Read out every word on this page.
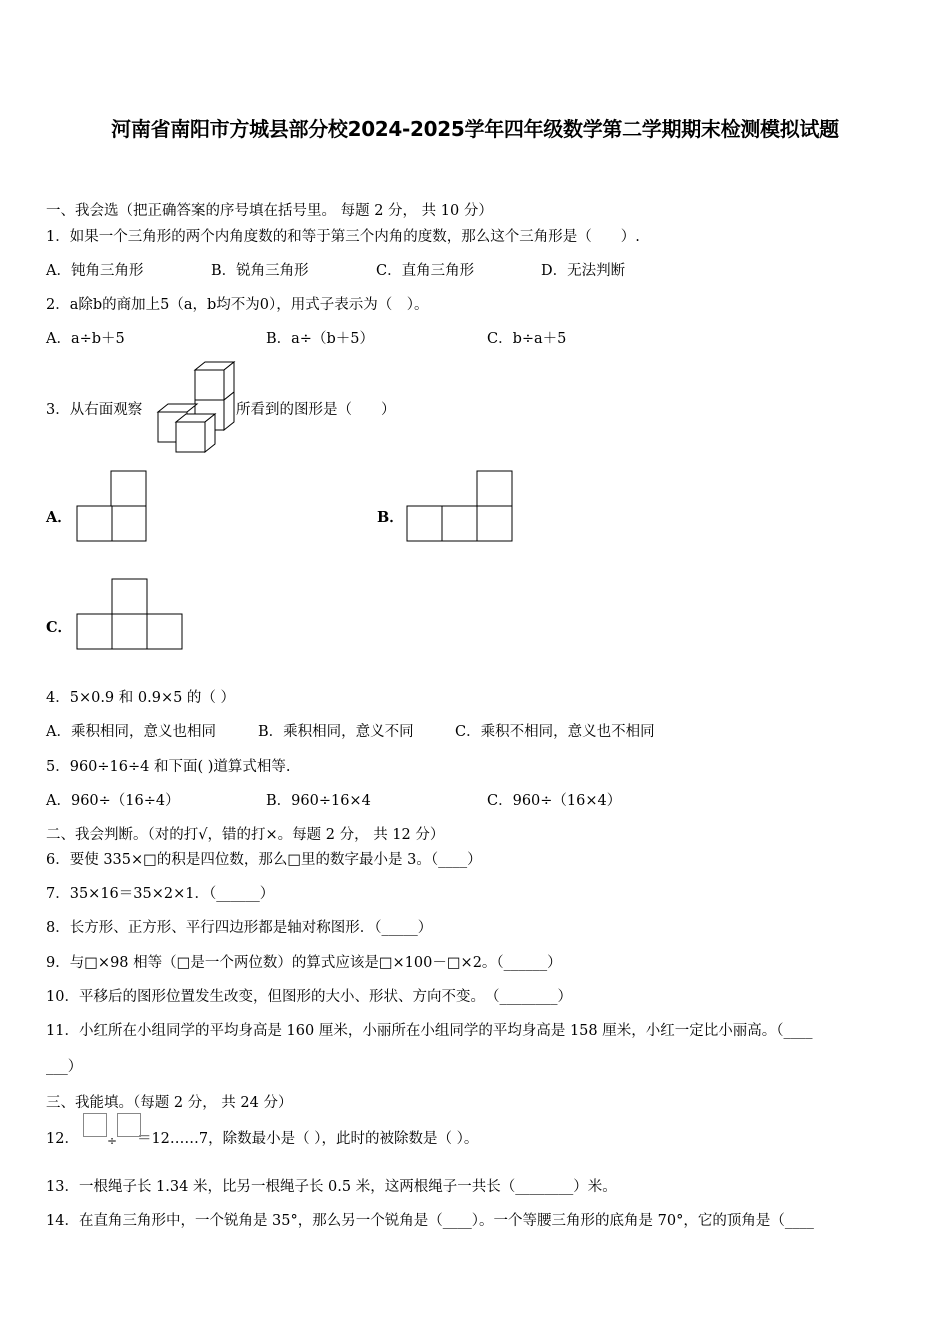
河南省南阳市方城县部分校2024-2025学年四年级数学第二学期期末检测模拟试题
一、我会选（把正确答案的序号填在括号里。 每题 2 分， 共 10 分）
1．如果一个三角形的两个内角度数的和等于第三个内角的度数，那么这个三角形是（　　）.
A．钝角三角形	B．锐角三角形	C．直角三角形	D．无法判断
2．a除b的商加上5（a，b均不为0），用式子表示为（　）。
A．a÷b＋5	B．a÷（b＋5）	C．b÷a＋5
3．从右面观察	所看到的图形是（　　）
A．	B．
C．
4．5×0.9 和 0.9×5 的（ ）
A．乘积相同，意义也相同	B．乘积相同，意义不同	C．乘积不相同，意义也不相同
5．960÷16÷4 和下面( )道算式相等.
A．960÷（16÷4）	B．960÷16×4	C．960÷（16×4）
二、我会判断。（对的打√，错的打×。每题 2 分， 共 12 分）
6．要使 335×□的积是四位数，那么□里的数字最小是 3。（____）
7．35×16＝35×2×1．（______）
8．长方形、正方形、平行四边形都是轴对称图形．（_____）
9．与□×98 相等（□是一个两位数）的算式应该是□×100－□×2。（______）
10．平移后的图形位置发生改变，但图形的大小、形状、方向不变。　（________）
11．小红所在小组同学的平均身高是 160 厘米，小丽所在小组同学的平均身高是 158 厘米，小红一定比小丽高。（____
___）
三、我能填。（每题 2 分， 共 24 分）
12． ÷ ＝12……7，除数最小是（ ），此时的被除数是（ ）。
13．一根绳子长 1.34 米，比另一根绳子长 0.5 米，这两根绳子一共长（________）米。
14．在直角三角形中，一个锐角是 35°，那么另一个锐角是（____）。一个等腰三角形的底角是 70°，它的顶角是（____
